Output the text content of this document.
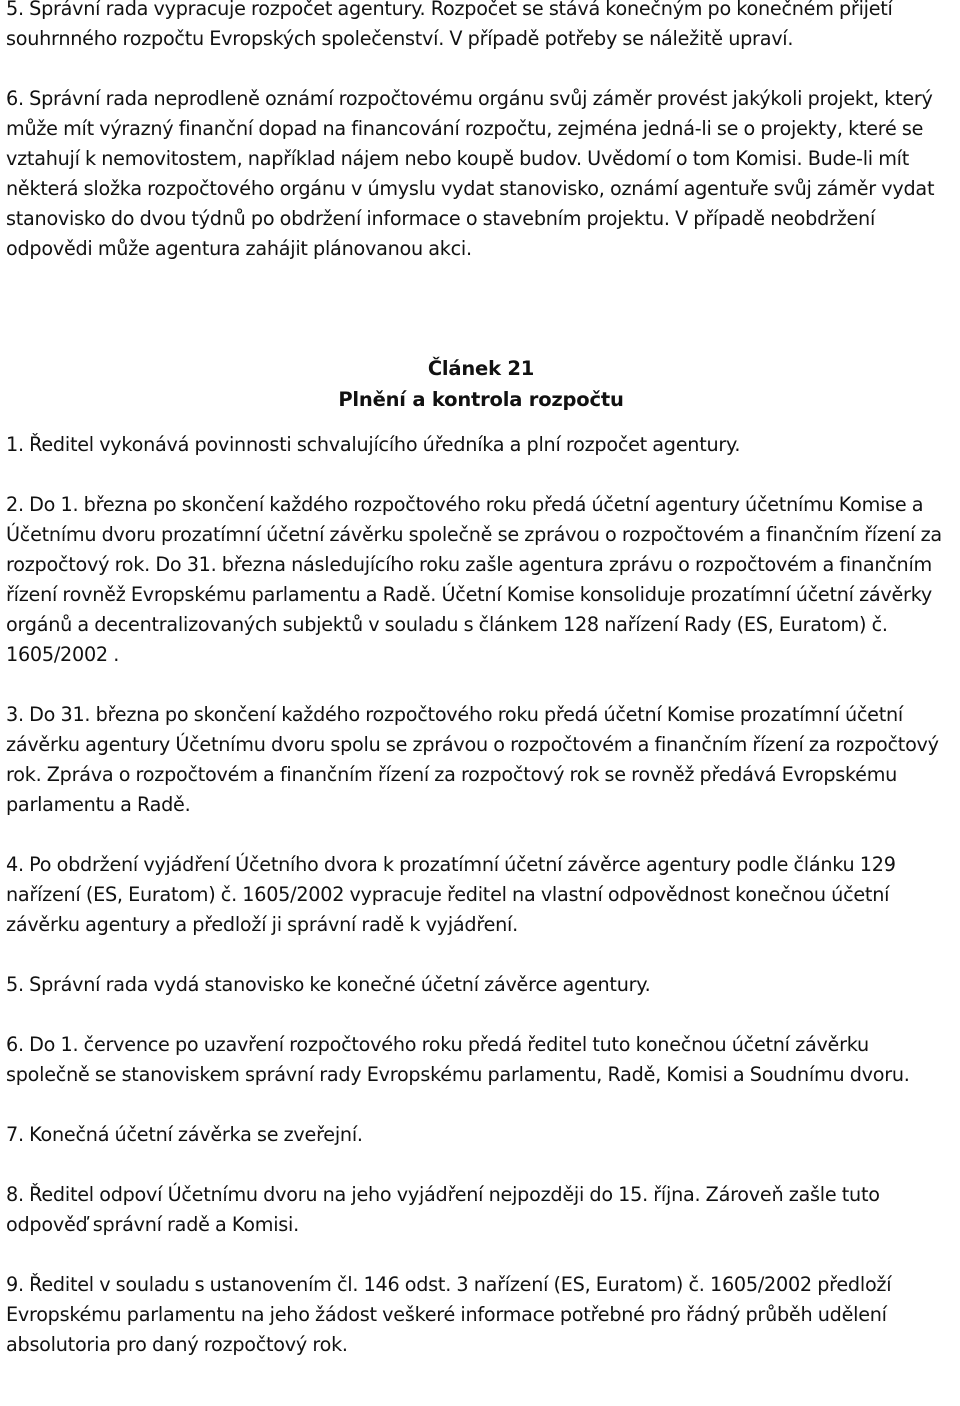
5. Správní rada vypracuje rozpočet agentury. Rozpočet se stává konečným po konečném přijetí souhrnného rozpočtu Evropských společenství. V případě potřeby se náležitě upraví.

6. Správní rada neprodleně oznámí rozpočtovému orgánu svůj záměr provést jakýkoli projekt, který může mít výrazný finanční dopad na financování rozpočtu, zejména jedná-li se o projekty, které se vztahují k nemovitostem, například nájem nebo koupě budov. Uvědomí o tom Komisi. Bude-li mít některá složka rozpočtového orgánu v úmyslu vydat stanovisko, oznámí agentuře svůj záměr vydat stanovisko do dvou týdnů po obdržení informace o stavebním projektu. V případě neobdržení odpovědi může agentura zahájit plánovanou akci.

Článek 21
Plnění a kontrola rozpočtu

1. Ředitel vykonává povinnosti schvalujícího úředníka a plní rozpočet agentury.

2. Do 1. března po skončení každého rozpočtového roku předá účetní agentury účetnímu Komise a Účetnímu dvoru prozatímní účetní závěrku společně se zprávou o rozpočtovém a finančním řízení za rozpočtový rok. Do 31. března následujícího roku zašle agentura zprávu o rozpočtovém a finančním řízení rovněž Evropskému parlamentu a Radě. Účetní Komise konsoliduje prozatímní účetní závěrky orgánů a decentralizovaných subjektů v souladu s článkem 128 nařízení Rady (ES, Euratom) č. 1605/2002 .

3. Do 31. března po skončení každého rozpočtového roku předá účetní Komise prozatímní účetní závěrku agentury Účetnímu dvoru spolu se zprávou o rozpočtovém a finančním řízení za rozpočtový rok. Zpráva o rozpočtovém a finančním řízení za rozpočtový rok se rovněž předává Evropskému parlamentu a Radě.

4. Po obdržení vyjádření Účetního dvora k prozatímní účetní závěrce agentury podle článku 129 nařízení (ES, Euratom) č. 1605/2002 vypracuje ředitel na vlastní odpovědnost konečnou účetní závěrku agentury a předloží ji správní radě k vyjádření.

5. Správní rada vydá stanovisko ke konečné účetní závěrce agentury.

6. Do 1. července po uzavření rozpočtového roku předá ředitel tuto konečnou účetní závěrku společně se stanoviskem správní rady Evropskému parlamentu, Radě, Komisi a Soudnímu dvoru.

7. Konečná účetní závěrka se zveřejní.

8. Ředitel odpoví Účetnímu dvoru na jeho vyjádření nejpozději do 15. října. Zároveň zašle tuto odpověď správní radě a Komisi.

9. Ředitel v souladu s ustanovením čl. 146 odst. 3 nařízení (ES, Euratom) č. 1605/2002 předloží Evropskému parlamentu na jeho žádost veškeré informace potřebné pro řádný průběh udělení absolutoria pro daný rozpočtový rok.
